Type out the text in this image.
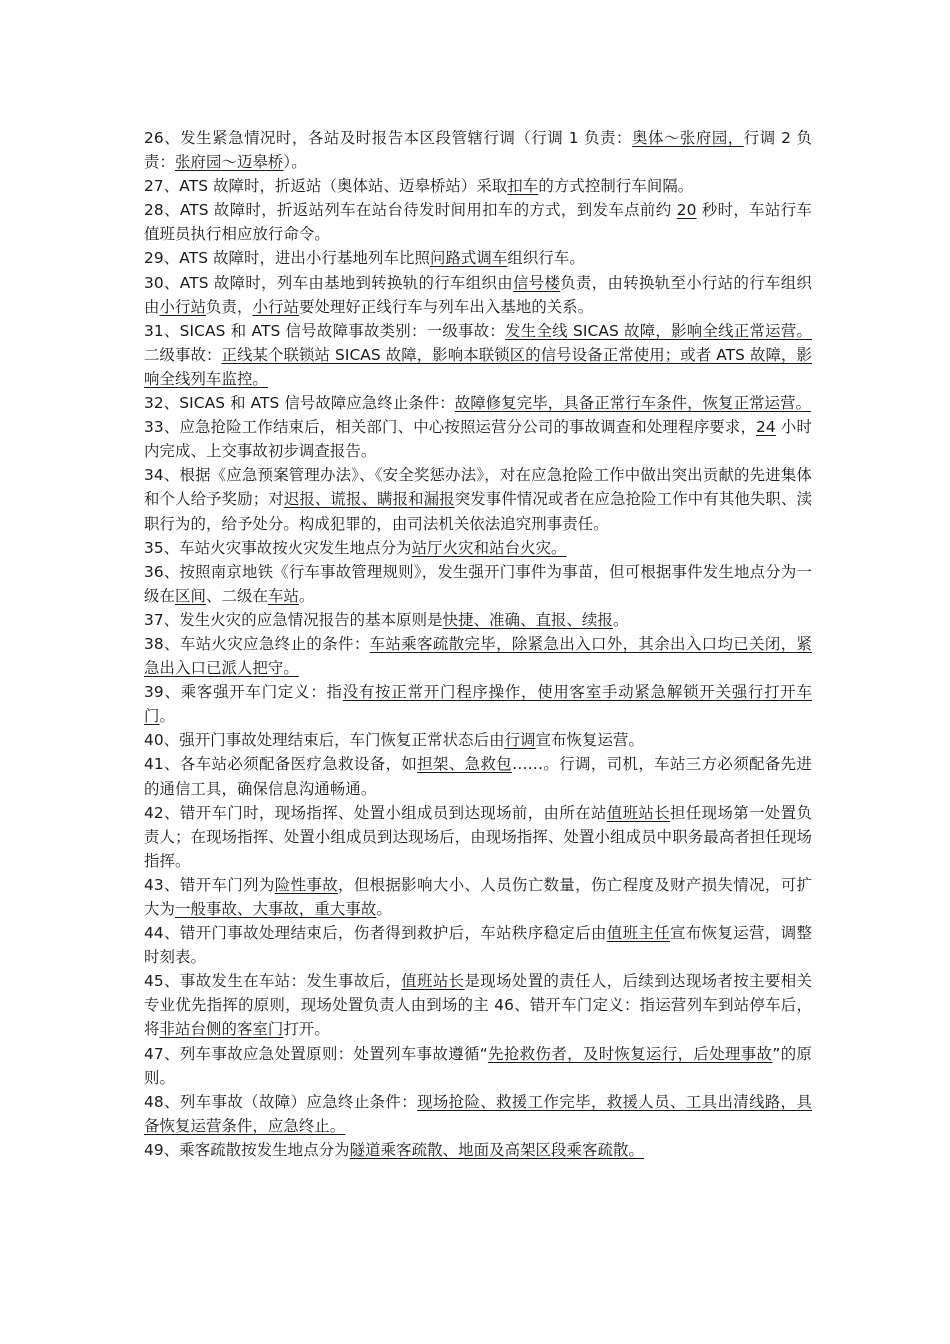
26、发生紧急情况时，各站及时报告本区段管辖行调（行调 1 负责：奥体～张府园，行调 2 负责：张府园～迈皋桥）。

27、ATS 故障时，折返站（奥体站、迈皋桥站）采取扣车的方式控制行车间隔。

28、ATS 故障时，折返站列车在站台待发时间用扣车的方式，到发车点前约 20 秒时，车站行车值班员执行相应放行命令。

29、ATS 故障时，进出小行基地列车比照问路式调车组织行车。

30、ATS 故障时，列车由基地到转换轨的行车组织由信号楼负责，由转换轨至小行站的行车组织由小行站负责，小行站要处理好正线行车与列车出入基地的关系。

31、SICAS 和 ATS 信号故障事故类别：一级事故：发生全线 SICAS 故障，影响全线正常运营。二级事故：正线某个联锁站 SICAS 故障，影响本联锁区的信号设备正常使用；或者 ATS 故障，影响全线列车监控。

32、SICAS 和 ATS 信号故障应急终止条件：故障修复完毕，具备正常行车条件，恢复正常运营。

33、应急抢险工作结束后，相关部门、中心按照运营分公司的事故调查和处理程序要求，24 小时内完成、上交事故初步调查报告。

34、根据《应急预案管理办法》、《安全奖惩办法》，对在应急抢险工作中做出突出贡献的先进集体和个人给予奖励；对迟报、谎报、瞒报和漏报突发事件情况或者在应急抢险工作中有其他失职、渎职行为的，给予处分。构成犯罪的，由司法机关依法追究刑事责任。

35、车站火灾事故按火灾发生地点分为站厅火灾和站台火灾。

36、按照南京地铁《行车事故管理规则》，发生强开门事件为事苗，但可根据事件发生地点分为一级在区间、二级在车站。

37、发生火灾的应急情况报告的基本原则是快捷、准确、直报、续报。

38、车站火灾应急终止的条件：车站乘客疏散完毕，除紧急出入口外，其余出入口均已关闭，紧急出入口已派人把守。

39、乘客强开车门定义：指没有按正常开门程序操作，使用客室手动紧急解锁开关强行打开车门。

40、强开门事故处理结束后，车门恢复正常状态后由行调宣布恢复运营。

41、各车站必须配备医疗急救设备，如担架、急救包……。行调，司机，车站三方必须配备先进的通信工具，确保信息沟通畅通。

42、错开车门时，现场指挥、处置小组成员到达现场前，由所在站值班站长担任现场第一处置负责人；在现场指挥、处置小组成员到达现场后，由现场指挥、处置小组成员中职务最高者担任现场指挥。

43、错开车门列为险性事故，但根据影响大小、人员伤亡数量，伤亡程度及财产损失情况，可扩大为一般事故、大事故，重大事故。

44、错开门事故处理结束后，伤者得到救护后，车站秩序稳定后由值班主任宣布恢复运营，调整时刻表。

45、事故发生在车站：发生事故后，值班站长是现场处置的责任人，后续到达现场者按主要相关专业优先指挥的原则，现场处置负责人由到场的主 46、错开车门定义：指运营列车到站停车后，将非站台侧的客室门打开。

47、列车事故应急处置原则：处置列车事故遵循“先抢救伤者，及时恢复运行，后处理事故”的原则。

48、列车事故（故障）应急终止条件：现场抢险、救援工作完毕，救援人员、工具出清线路，具备恢复运营条件，应急终止。

49、乘客疏散按发生地点分为隧道乘客疏散、地面及高架区段乘客疏散。
